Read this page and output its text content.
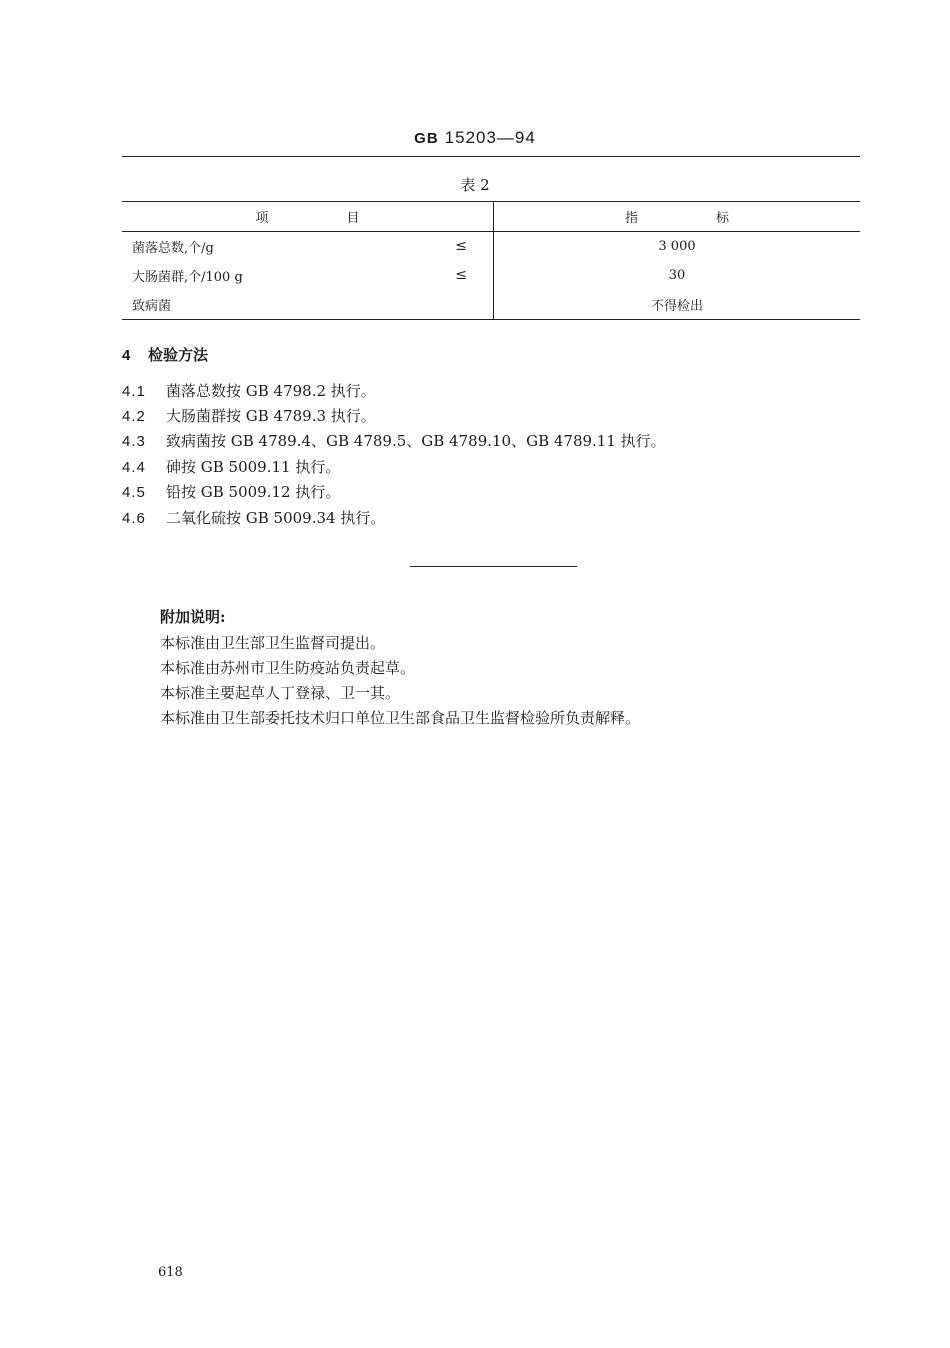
GB 15203—94
表 2
项 目	指 标
菌落总数,个/g ≤	3 000
大肠菌群,个/100 g ≤	30
致病菌	不得检出
4 检验方法
4.1 菌落总数按 GB 4798.2 执行。
4.2 大肠菌群按 GB 4789.3 执行。
4.3 致病菌按 GB 4789.4、GB 4789.5、GB 4789.10、GB 4789.11 执行。
4.4 砷按 GB 5009.11 执行。
4.5 铅按 GB 5009.12 执行。
4.6 二氧化硫按 GB 5009.34 执行。
附加说明:
本标准由卫生部卫生监督司提出。
本标准由苏州市卫生防疫站负责起草。
本标准主要起草人丁登禄、卫一其。
本标准由卫生部委托技术归口单位卫生部食品卫生监督检验所负责解释。
618
